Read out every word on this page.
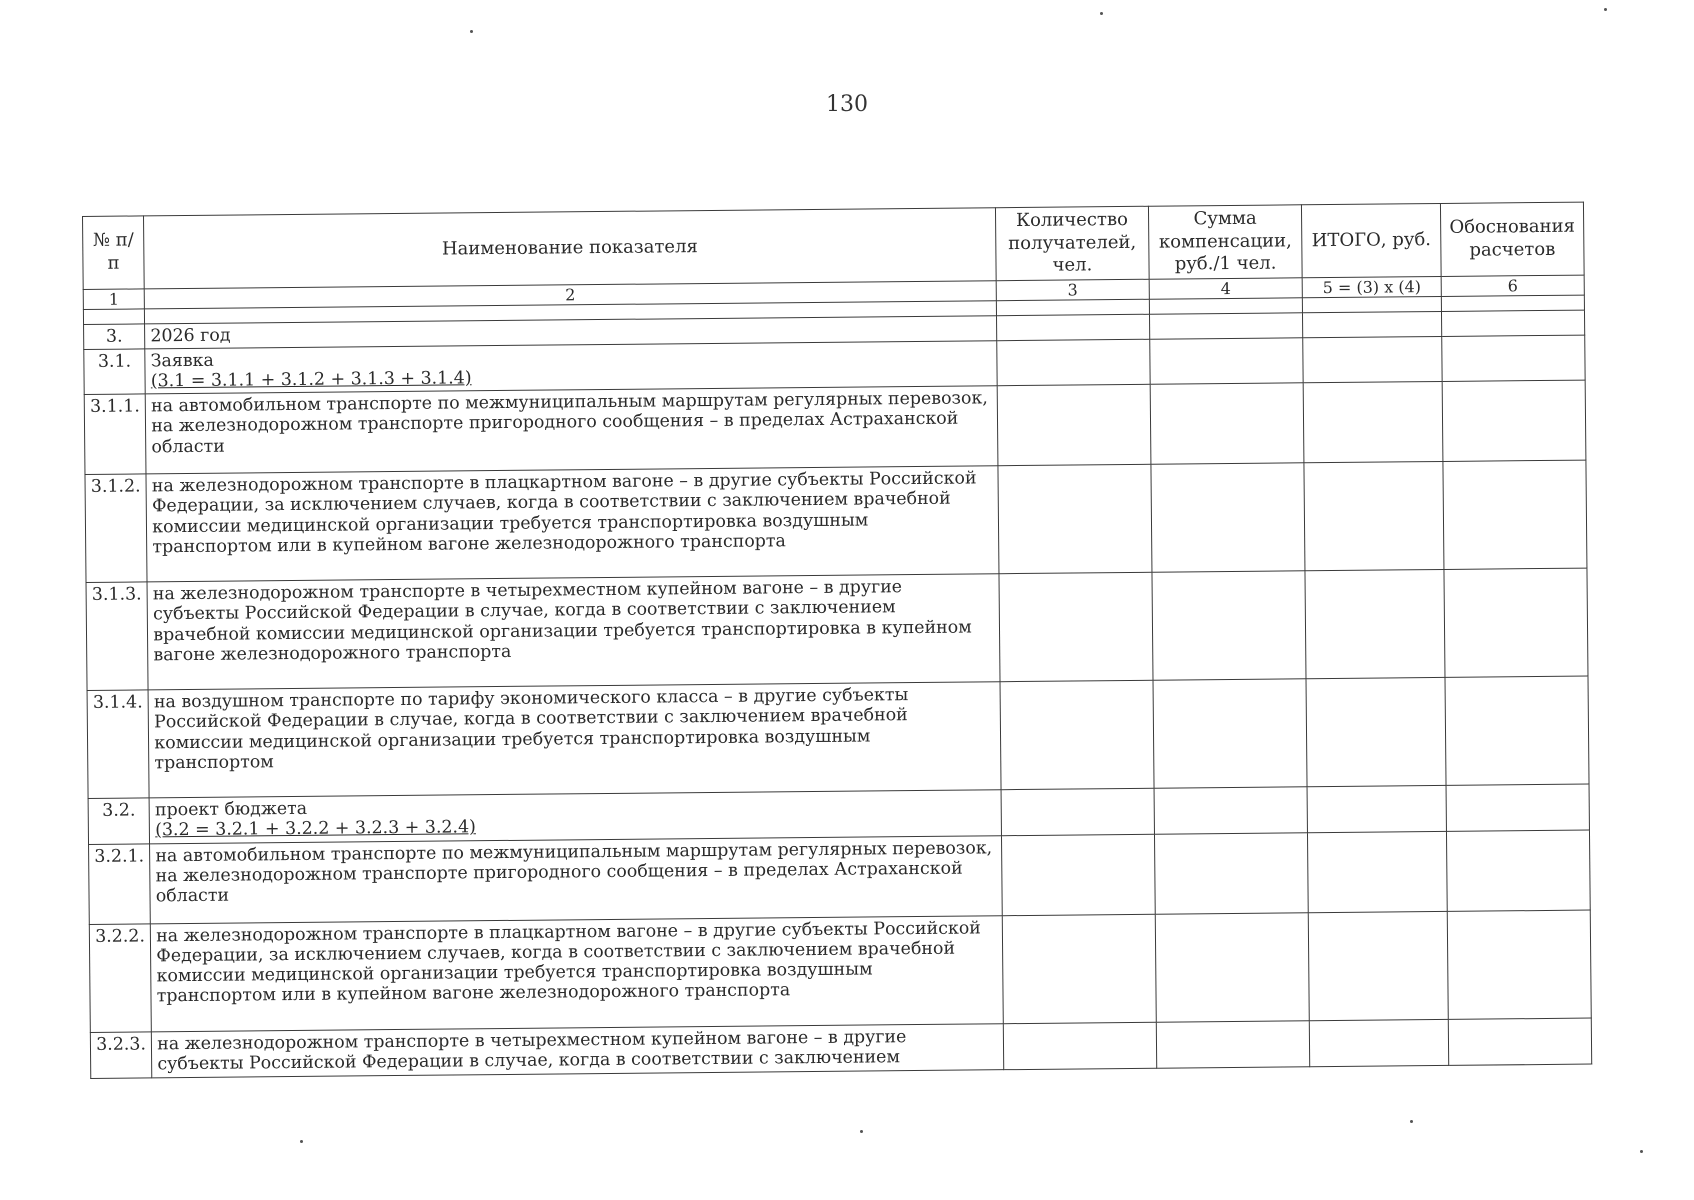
130
№ п/п	Наименование показателя	Количество получателей, чел.	Сумма компенсации, руб./1 чел.	ИТОГО, руб.	Обоснования расчетов
1	2	3	4	5 = (3) x (4)	6

3.	2026 год				
3.1.	Заявка
(3.1 = 3.1.1 + 3.1.2 + 3.1.3 + 3.1.4)				

3.1.1.	на автомобильном транспорте по межмуниципальным маршрутам регулярных перевозок, на железнодорожном транспорте пригородного сообщения – в пределах Астраханской области				
3.1.2.	на железнодорожном транспорте в плацкартном вагоне – в другие субъекты Российской Федерации, за исключением случаев, когда в соответствии с заключением врачебной комиссии медицинской организации требуется транспортировка воздушным транспортом или в купейном вагоне железнодорожного транспорта				
3.1.3.	на железнодорожном транспорте в четырехместном купейном вагоне – в другие субъекты Российской Федерации в случае, когда в соответствии с заключением врачебной комиссии медицинской организации требуется транспортировка в купейном вагоне железнодорожного транспорта				
3.1.4.	на воздушном транспорте по тарифу экономического класса – в другие субъекты Российской Федерации в случае, когда в соответствии с заключением врачебной комиссии медицинской организации требуется транспортировка воздушным транспортом				
3.2.	проект бюджета
(3.2 = 3.2.1 + 3.2.2 + 3.2.3 + 3.2.4)				

3.2.1.	на автомобильном транспорте по межмуниципальным маршрутам регулярных перевозок, на железнодорожном транспорте пригородного сообщения – в пределах Астраханской области				
3.2.2.	на железнодорожном транспорте в плацкартном вагоне – в другие субъекты Российской Федерации, за исключением случаев, когда в соответствии с заключением врачебной комиссии медицинской организации требуется транспортировка воздушным транспортом или в купейном вагоне железнодорожного транспорта				
3.2.3.	на железнодорожном транспорте в четырехместном купейном вагоне – в другие субъекты Российской Федерации в случае, когда в соответствии с заключением				
